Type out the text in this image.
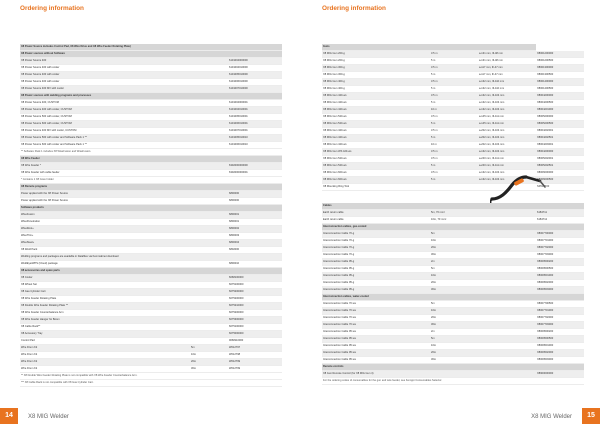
Ordering information
X8 Power Source includes Control Pad, X8 Wire Drive and X8 Wire Feeder Rotating Plate)		
X8 Power sources without Software		
X8 Power Source 400		6101004000000
X8 Power Source 400 with cooler		6101004010000
X8 Power Source 400 with cooler		6101005010000
X8 Power Source 400 with cooler		6101006010000
X8 Power Source 400 MV with cooler		6101007010000
X8 Power sources with welding programs and processes		
X8 Power Source 400, CUSTOM		6101004000001
X8 Power Source 400 with cooler, CUSTOM		6101004010001
X8 Power Source 500 with cooler, CUSTOM		6101005010001
X8 Power Source 600 with cooler, CUSTOM		6101006010001
X8 Power Source 400 MV with cooler, CUSTOM		6101007010001
X8 Power Source 500 with cooler and Software Pack 1 **		6101005010010
X8 Power Source 600 with cooler and Software Pack 1 **		6101006010010
** Software Pack 1 includes X8 WiseFusion and WiseFusion.		
X8 Wire Feeder		
X8 Wire Feeder *		6302000000000
X8 Wire Feeder with cable feeder		6302000000001
* Contains 1 X8 Coax holder		
X8 Remote programs		
Power applied with the X8 Power Source		6800000
Power applied with the X8 Power Source		6800000
Software products		
WiseFusion		6800001
WisePenetration		6800001
WiseRoot+		6800002
WiseThin+		6800003
WiseSteel+		6800004
X8 Weld Pack		6802000
Welding programs and packages are available in Datafiles via Kemmabnet download		
WeldEye/WPS (Cloud) package		6800010
X8 accessories and spare parts		
X8 Cooler		6068100000
X8 Wheel Set		6075100000
X8 Gas Cylinder Cart		6075200000
X8 Wire Feeder Rotating Plate		6075200000
X8 Double Wire Feeder Rotating Plate **		6075210000
X8 Wire Feeder Counterbalance Arm		6075200000
X8 Wire Feeder Hanger for Boom		6075300000
X8 Cable Rack**		6075100000
X8 Accessory Tray		6075000000
Control Pad		9068110000
Wire Drum Kit	5m	W012797
Wire Drum Kit	10m	W012798
Wire Drum Kit	20m	W012799
Wire Drum Kit	30m	W012799
** X8 Double Wire Feeder Rotating Plate is not compatible with X8 Wire Feeder Counterbalance Arm.		
*** X8 Cable Rack is not compatible with X8 Gas Cylinder Cart.		
14	X8 MIG Welder
Ordering information
Guns			
X8 MIG Gun 200-g	3.5 m	a-131 mm, Ф-48 mm	X8001200000
X8 MIG Gun 200-g	5 m	a-131 mm, Ф-48 mm	X8001200500
X8 MIG Gun 300-g	3.5 m	a-117 mm, Ф-47 mm	X8001300000
X8 MIG Gun 300-g	5 m	a-117 mm, Ф-47 mm	X8001300500
X8 MIG Gun 400-g	3.5 m	a-132 mm, Ф-110 mm	X8001400000
X8 MIG Gun 400-g	5 m	a-132 mm, Ф-110 mm	X8001400500
X8 MIG Gun 420-ws	3.5 m	a-132 mm, Ф-104 mm	X8004200000
X8 MIG Gun 420-ws	5 m	a-132 mm, Ф-104 mm	X8004200500
X8 MIG Gun 420-ws	10 m	a-132 mm, Ф-104 mm	X8004201000
X8 MIG Gun 520-ws	3.5 m	a-145 mm, Ф-111 mm	X8005200000
X8 MIG Gun 520-ws	5 m	a-145 mm, Ф-111 mm	X8005200500
X8 MIG Gun 420-ws	3.5 m	a-202 mm, Ф-104 mm	X8004202001
X8 MIG Gun 420-ws	5 m	a-202 mm, Ф-104 mm	X8004202501
X8 MIG Gun 420-ws	10 m	a-202 mm, Ф-104 mm	X8004203001
X8 MIG Gun WS 420-ws	3.5 m	a-132 mm, Ф-104 mm	X8004200000
X8 MIG Gun 520-ws	3.5 m	a-240 mm, Ф-111 mm	X8005202001
X8 MIG Gun 520-ws	5 m	a-240 mm, Ф-111 mm	X8005202501
X8 MIG Gun 600-ws	3.5 m	a-132 mm, Ф-104 mm	X8006000000
X8 MIG Gun 600-ws	5 m	a-132 mm, Ф-104 mm	X8006000500
X8 Mounting Ring Tool			SP012700

Cables			
Earth return cable	5m, 70 mm²		6184711
Earth return cable	10m, 70 mm²		6184712
Interconnection cables, gas-cooled			
Interconnection Cable 70-g	5m		X8007700000
Interconnection Cable 70-g	10m		X8007701000
Interconnection Cable 70-g	20m		X8007702000
Interconnection Cable 70-g	30m		X8007703000
Interconnection Cable 95-g	2m		X8009500200
Interconnection Cable 95-g	5m		X8009500500
Interconnection Cable 95-g	10m		X8009501000
Interconnection Cable 95-g	20m		X8009502000
Interconnection Cable 95-g	30m		X8009503000
Interconnection cables, water-cooled			
Interconnection Cable 70-ws	5m		X8007700500
Interconnection Cable 70-ws	10m		X8007701000
Interconnection Cable 70-ws	20m		X8007702000
Interconnection Cable 70-ws	30m		X8007703000
Interconnection Cable 95-ws	2m		X8009500200
Interconnection Cable 95-ws	5m		X8009500500
Interconnection Cable 95-ws	10m		X8009501000
Interconnection Cable 95-ws	20m		X8009502000
Interconnection Cable 95-ws	30m		X8009503000
Remote controls			
X8 Gun Remote Control (for X8 MIG Gun 4)			X8900000000
For the ordering codes of consumables for the gun and wire feeder, see Kemppi Consumables Selector.			
X8 MIG Welder	15
